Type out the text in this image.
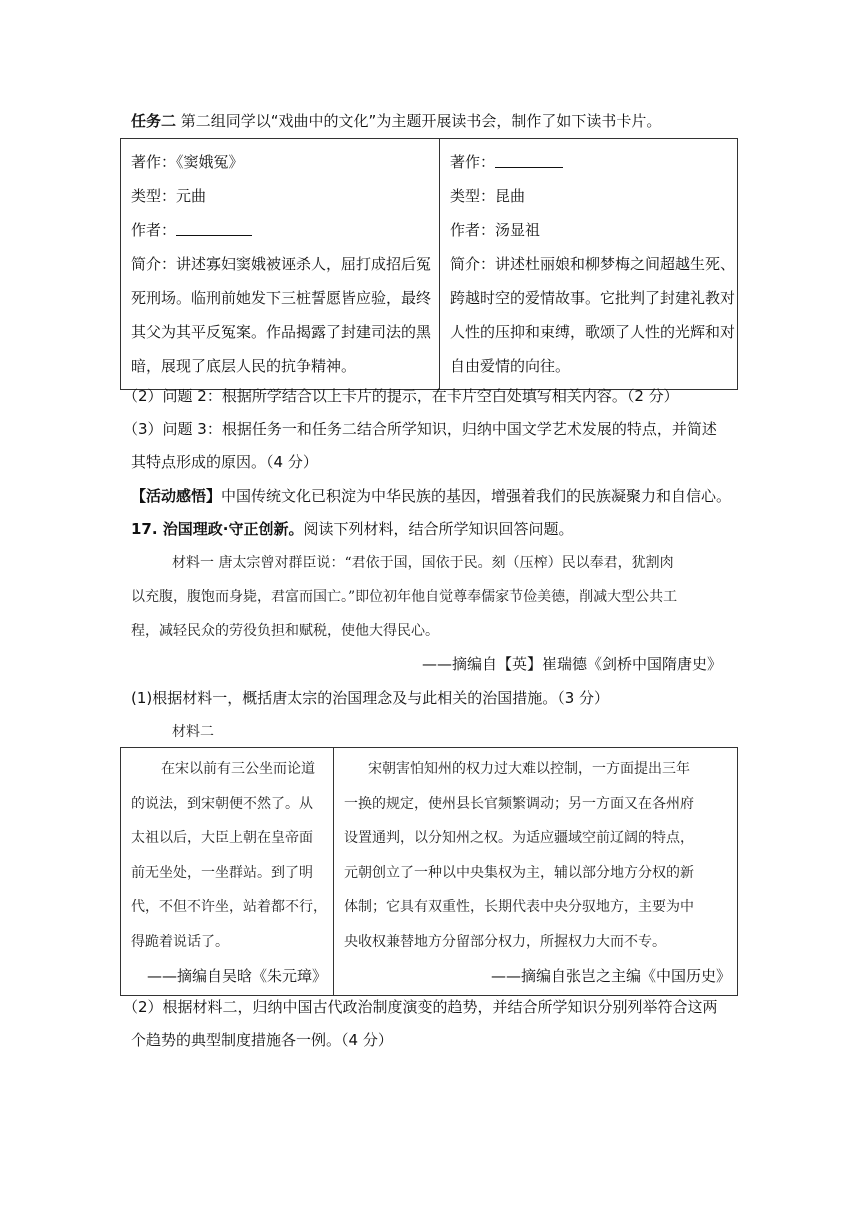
任务二 第二组同学以“戏曲中的文化”为主题开展读书会，制作了如下读书卡片。
著作：《窦娥冤》
类型：元曲
作者：
简介：讲述寡妇窦娥被诬杀人，屈打成招后冤
死刑场。临刑前她发下三桩誓愿皆应验，最终
其父为其平反冤案。作品揭露了封建司法的黑
暗，展现了底层人民的抗争精神。

著作：
类型：昆曲
作者：汤显祖
简介：讲述杜丽娘和柳梦梅之间超越生死、
跨越时空的爱情故事。它批判了封建礼教对
人性的压抑和束缚，歌颂了人性的光辉和对
自由爱情的向往。
（2）问题 2：根据所学结合以上卡片的提示，在卡片空白处填写相关内容。（2 分）
（3）问题 3：根据任务一和任务二结合所学知识，归纳中国文学艺术发展的特点，并简述
其特点形成的原因。（4 分）
【活动感悟】中国传统文化已积淀为中华民族的基因，增强着我们的民族凝聚力和自信心。
17. 治国理政·守正创新。阅读下列材料，结合所学知识回答问题。
材料一 唐太宗曾对群臣说：“君依于国，国依于民。刻（压榨）民以奉君，犹割肉
以充腹，腹饱而身毙，君富而国亡。”即位初年他自觉尊奉儒家节俭美德，削减大型公共工
程，减轻民众的劳役负担和赋税，使他大得民心。
——摘编自【英】崔瑞德《剑桥中国隋唐史》
(1)根据材料一，概括唐太宗的治国理念及与此相关的治国措施。（3 分）
材料二
在宋以前有三公坐而论道
的说法，到宋朝便不然了。从
太祖以后，大臣上朝在皇帝面
前无坐处，一坐群站。到了明
代，不但不许坐，站着都不行，
得跪着说话了。
——摘编自吴晗《朱元璋》

宋朝害怕知州的权力过大难以控制，一方面提出三年
一换的规定，使州县长官频繁调动；另一方面又在各州府
设置通判，以分知州之权。为适应疆域空前辽阔的特点，
元朝创立了一种以中央集权为主，辅以部分地方分权的新
体制；它具有双重性，长期代表中央分驭地方，主要为中
央收权兼替地方分留部分权力，所握权力大而不专。
——摘编自张岂之主编《中国历史》
（2）根据材料二，归纳中国古代政治制度演变的趋势，并结合所学知识分别列举符合这两
个趋势的典型制度措施各一例。（4 分）
